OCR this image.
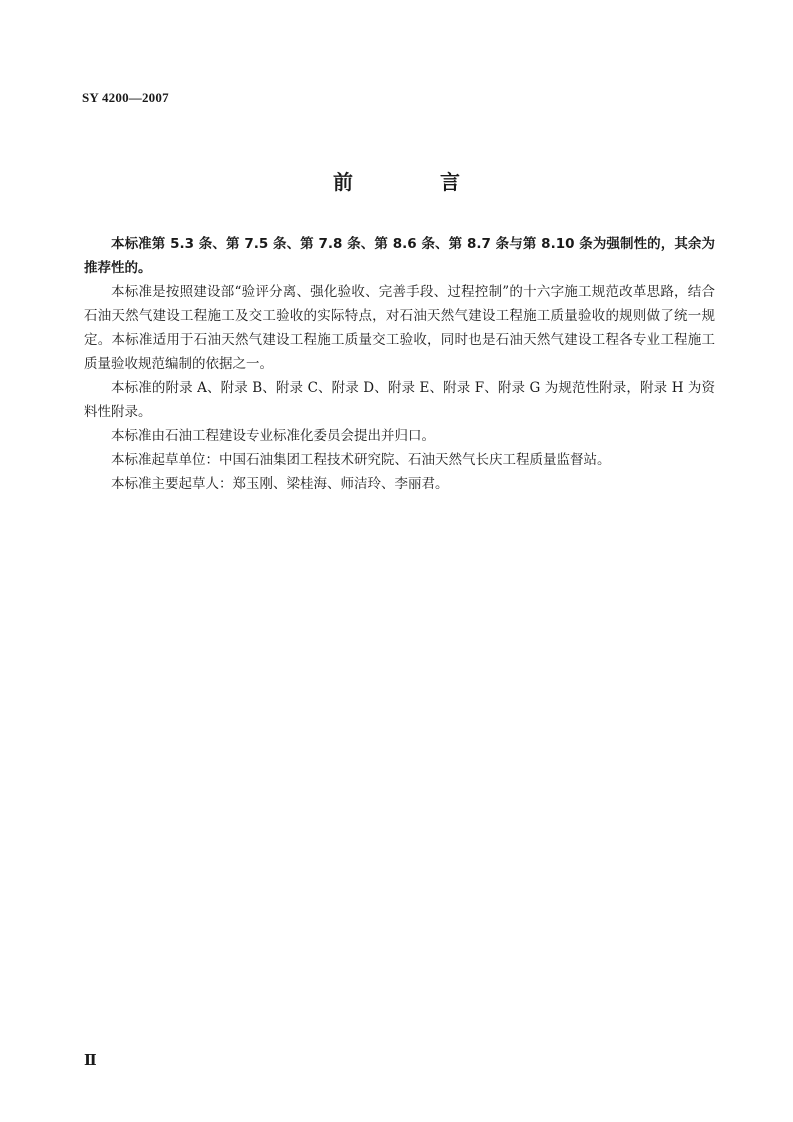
SY 4200—2007
前 言

本标准第 5.3 条、第 7.5 条、第 7.8 条、第 8.6 条、第 8.7 条与第 8.10 条为强制性的，其余为推荐性的。

本标准是按照建设部“验评分离、强化验收、完善手段、过程控制”的十六字施工规范改革思路，结合石油天然气建设工程施工及交工验收的实际特点，对石油天然气建设工程施工质量验收的规则做了统一规定。本标准适用于石油天然气建设工程施工质量交工验收，同时也是石油天然气建设工程各专业工程施工质量验收规范编制的依据之一。

本标准的附录 A、附录 B、附录 C、附录 D、附录 E、附录 F、附录 G 为规范性附录，附录 H 为资料性附录。

本标准由石油工程建设专业标准化委员会提出并归口。

本标准起草单位：中国石油集团工程技术研究院、石油天然气长庆工程质量监督站。

本标准主要起草人：郑玉刚、梁桂海、师洁玲、李丽君。

Ⅱ
